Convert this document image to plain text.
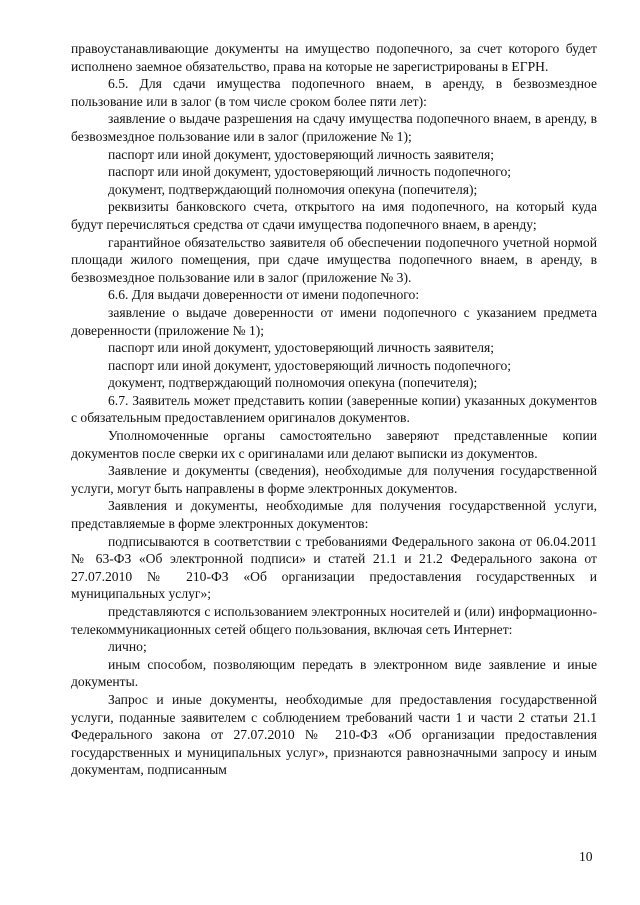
правоустанавливающие документы на имущество подопечного, за счет которого будет исполнено заемное обязательство, права на которые не зарегистрированы в ЕГРН.

6.5. Для сдачи имущества подопечного внаем, в аренду, в безвозмездное пользование или в залог (в том числе сроком более пяти лет):

заявление о выдаче разрешения на сдачу имущества подопечного внаем, в аренду, в безвозмездное пользование или в залог (приложение № 1);

паспорт или иной документ, удостоверяющий личность заявителя;

паспорт или иной документ, удостоверяющий личность подопечного;

документ, подтверждающий полномочия опекуна (попечителя);

реквизиты банковского счета, открытого на имя подопечного, на который куда будут перечисляться средства от сдачи имущества подопечного внаем, в аренду;

гарантийное обязательство заявителя об обеспечении подопечного учетной нормой площади жилого помещения, при сдаче имущества подопечного внаем, в аренду, в безвозмездное пользование или в залог (приложение № 3).

6.6. Для выдачи доверенности от имени подопечного:

заявление о выдаче доверенности от имени подопечного с указанием предмета доверенности (приложение № 1);

паспорт или иной документ, удостоверяющий личность заявителя;

паспорт или иной документ, удостоверяющий личность подопечного;

документ, подтверждающий полномочия опекуна (попечителя);

6.7. Заявитель может представить копии (заверенные копии) указанных документов с обязательным предоставлением оригиналов документов.

Уполномоченные органы самостоятельно заверяют представленные копии документов после сверки их с оригиналами или делают выписки из документов.

Заявление и документы (сведения), необходимые для получения государственной услуги, могут быть направлены в форме электронных документов.

Заявления и документы, необходимые для получения государственной услуги, представляемые в форме электронных документов:

подписываются в соответствии с требованиями Федерального закона от 06.04.2011 № 63-ФЗ «Об электронной подписи» и статей 21.1 и 21.2 Федерального закона от 27.07.2010 № 210-ФЗ «Об организации предоставления государственных и муниципальных услуг»;

представляются с использованием электронных носителей и (или) информационно-телекоммуникационных сетей общего пользования, включая сеть Интернет:

лично;

иным способом, позволяющим передать в электронном виде заявление и иные документы.

Запрос и иные документы, необходимые для предоставления государственной услуги, поданные заявителем с соблюдением требований части 1 и части 2 статьи 21.1 Федерального закона от 27.07.2010 № 210-ФЗ «Об организации предоставления государственных и муниципальных услуг», признаются равнозначными запросу и иным документам, подписанным

10
